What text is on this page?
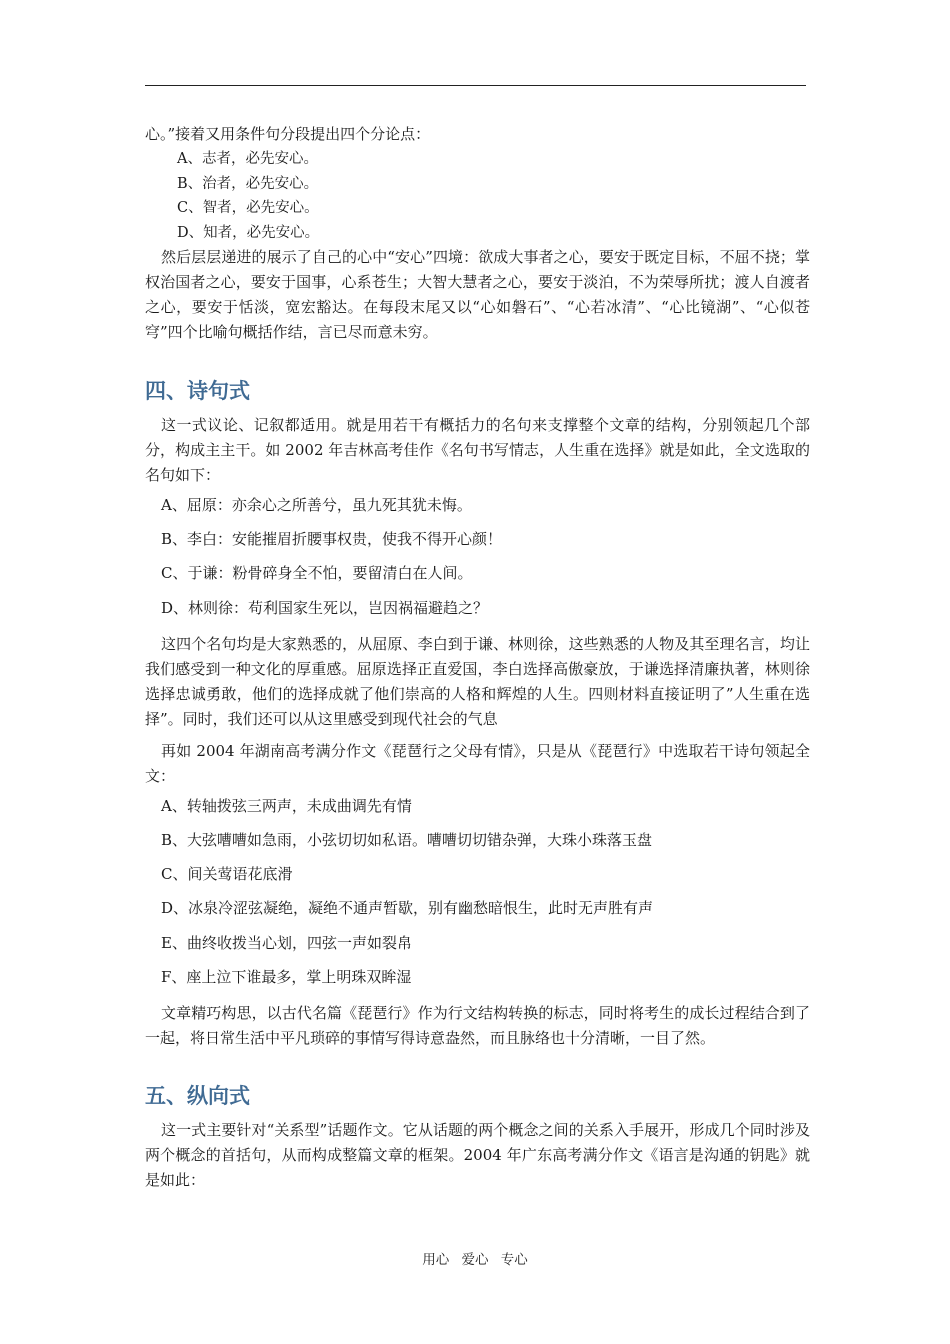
心。”接着又用条件句分段提出四个分论点：

A、志者，必先安心。

B、治者，必先安心。

C、智者，必先安心。

D、知者，必先安心。

然后层层递进的展示了自己的心中“安心”四境：欲成大事者之心，要安于既定目标，不屈不挠；掌权治国者之心，要安于国事，心系苍生；大智大慧者之心，要安于淡泊，不为荣辱所扰；渡人自渡者之心，要安于恬淡，宽宏豁达。在每段末尾又以“心如磐石”、“心若冰清”、“心比镜湖”、“心似苍穹”四个比喻句概括作结，言已尽而意未穷。

四、诗句式

这一式议论、记叙都适用。就是用若干有概括力的名句来支撑整个文章的结构，分别领起几个部分，构成主主干。如 2002 年吉林高考佳作《名句书写情志，人生重在选择》就是如此，全文选取的名句如下：

A、屈原：亦余心之所善兮，虽九死其犹未悔。

B、李白：安能摧眉折腰事权贵，使我不得开心颜！

C、于谦：粉骨碎身全不怕，要留清白在人间。

D、林则徐：苟利国家生死以，岂因祸福避趋之？

这四个名句均是大家熟悉的，从屈原、李白到于谦、林则徐，这些熟悉的人物及其至理名言，均让我们感受到一种文化的厚重感。屈原选择正直爱国，李白选择高傲豪放，于谦选择清廉执著，林则徐选择忠诚勇敢，他们的选择成就了他们崇高的人格和辉煌的人生。四则材料直接证明了”人生重在选择”。同时，我们还可以从这里感受到现代社会的气息

再如 2004 年湖南高考满分作文《琵琶行之父母有情》，只是从《琵琶行》中选取若干诗句领起全文：

A、转轴拨弦三两声，未成曲调先有情

B、大弦嘈嘈如急雨，小弦切切如私语。嘈嘈切切错杂弹，大珠小珠落玉盘

C、间关莺语花底滑

D、冰泉冷涩弦凝绝，凝绝不通声暂歇，别有幽愁暗恨生，此时无声胜有声

E、曲终收拨当心划，四弦一声如裂帛

F、座上泣下谁最多，掌上明珠双眸湿

文章精巧构思，以古代名篇《琵琶行》作为行文结构转换的标志，同时将考生的成长过程结合到了一起，将日常生活中平凡琐碎的事情写得诗意盎然，而且脉络也十分清晰，一目了然。

五、纵向式

这一式主要针对“关系型”话题作文。它从话题的两个概念之间的关系入手展开，形成几个同时涉及两个概念的首括句，从而构成整篇文章的框架。2004 年广东高考满分作文《语言是沟通的钥匙》就是如此：

用心 爱心 专心
